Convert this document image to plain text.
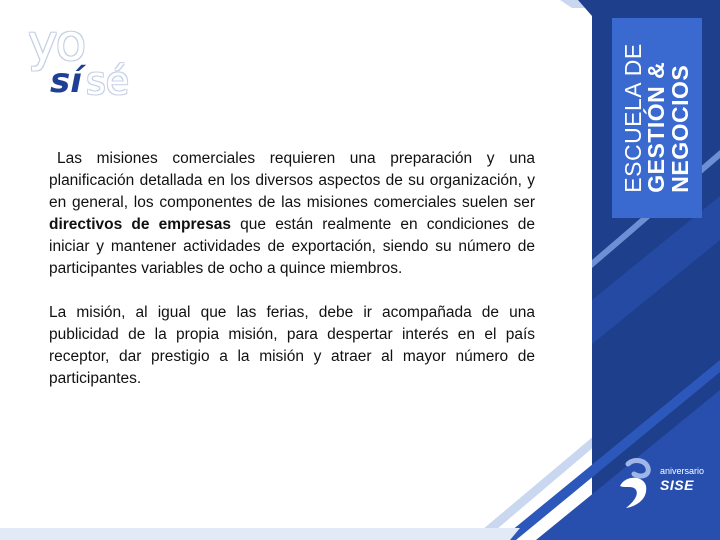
yo
sí sé	ESCUELA DE
GESTIÓN &
NEGOCIOS

Las misiones comerciales requieren una preparación y una planificación detallada en los diversos aspectos de su organización, y en general, los componentes de las misiones comerciales suelen ser directivos de empresas que están realmente en condiciones de iniciar y mantener actividades de exportación, siendo su número de participantes variables de ocho a quince miembros.

La misión, al igual que las ferias, debe ir acompañada de una publicidad de la propia misión, para despertar interés en el país receptor, dar prestigio a la misión y atraer al mayor número de participantes.

aniversario
SISE
